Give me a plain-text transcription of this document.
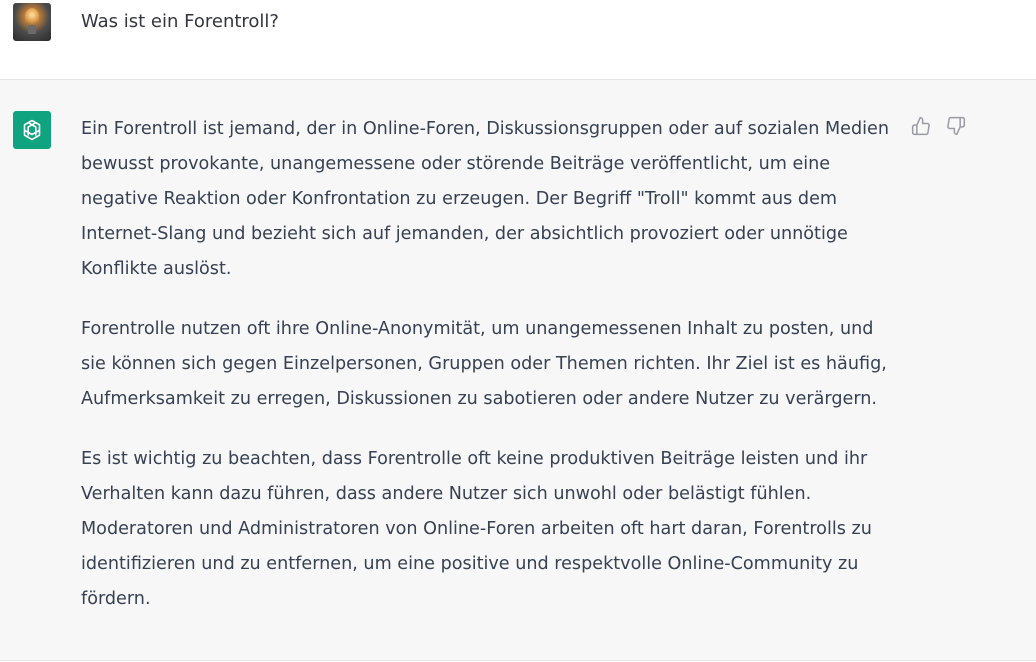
Was ist ein Forentroll?

Ein Forentroll ist jemand, der in Online-Foren, Diskussionsgruppen oder auf sozialen Medien bewusst provokante, unangemessene oder störende Beiträge veröffentlicht, um eine negative Reaktion oder Konfrontation zu erzeugen. Der Begriff "Troll" kommt aus dem Internet-Slang und bezieht sich auf jemanden, der absichtlich provoziert oder unnötige Konflikte auslöst.

Forentrolle nutzen oft ihre Online-Anonymität, um unangemessenen Inhalt zu posten, und sie können sich gegen Einzelpersonen, Gruppen oder Themen richten. Ihr Ziel ist es häufig, Aufmerksamkeit zu erregen, Diskussionen zu sabotieren oder andere Nutzer zu verärgern.

Es ist wichtig zu beachten, dass Forentrolle oft keine produktiven Beiträge leisten und ihr Verhalten kann dazu führen, dass andere Nutzer sich unwohl oder belästigt fühlen. Moderatoren und Administratoren von Online-Foren arbeiten oft hart daran, Forentrolls zu identifizieren und zu entfernen, um eine positive und respektvolle Online-Community zu fördern.
